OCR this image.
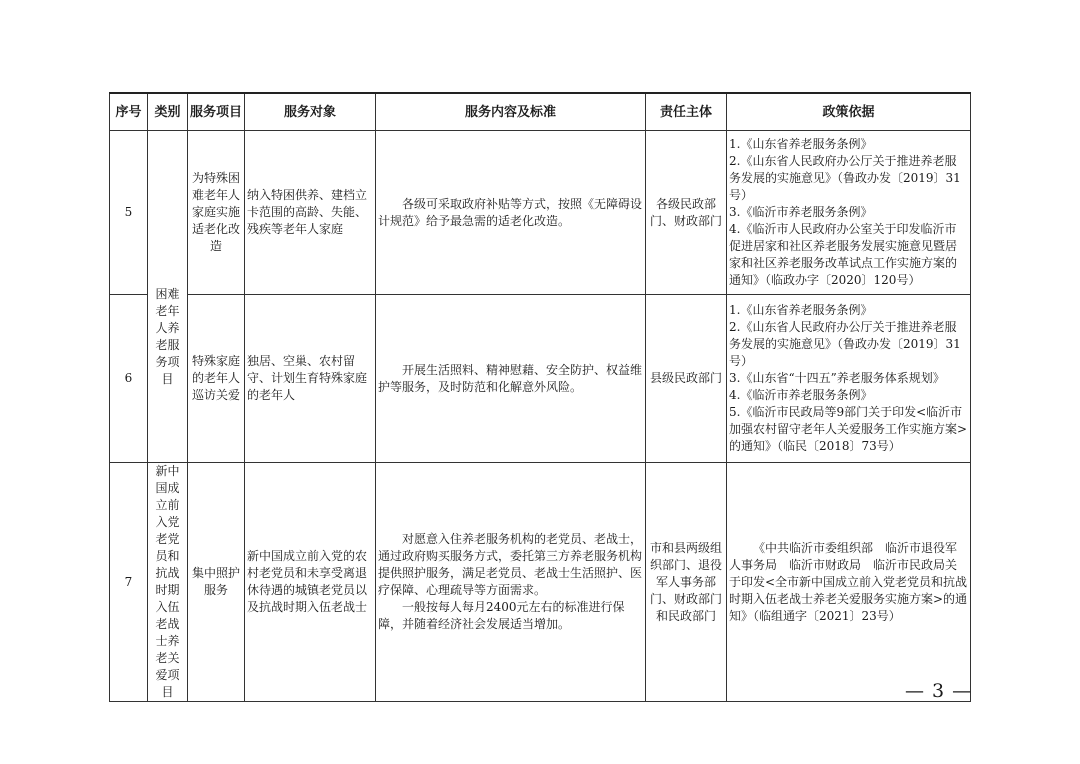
序号	类别	服务项目	服务对象	服务内容及标准	责任主体	政策依据
5	困难老年人养老服务项目	为特殊困难老年人家庭实施适老化改造	纳入特困供养、建档立卡范围的高龄、失能、残疾等老年人家庭	各级可采取政府补贴等方式，按照《无障碍设计规范》给予最急需的适老化改造。	各级民政部门、财政部门	1.《山东省养老服务条例》
2.《山东省人民政府办公厅关于推进养老服务发展的实施意见》（鲁政办发〔2019〕31号）
3.《临沂市养老服务条例》
4.《临沂市人民政府办公室关于印发临沂市促进居家和社区养老服务发展实施意见暨居家和社区养老服务改革试点工作实施方案的通知》（临政办字〔2020〕120号）

6		特殊家庭的老年人巡访关爱	独居、空巢、农村留守、计划生育特殊家庭的老年人	开展生活照料、精神慰藉、安全防护、权益维护等服务，及时防范和化解意外风险。	县级民政部门	1.《山东省养老服务条例》
2.《山东省人民政府办公厅关于推进养老服务发展的实施意见》（鲁政办发〔2019〕31号）
3.《山东省“十四五”养老服务体系规划》
4.《临沂市养老服务条例》
5.《临沂市民政局等9部门关于印发<临沂市加强农村留守老年人关爱服务工作实施方案>的通知》（临民〔2018〕73号）

7	新中国成立前入党老党员和抗战时期入伍老战士养老关爱项目	集中照护服务	新中国成立前入党的农村老党员和未享受离退休待遇的城镇老党员以及抗战时期入伍老战士	对愿意入住养老服务机构的老党员、老战士，通过政府购买服务方式，委托第三方养老服务机构提供照护服务，满足老党员、老战士生活照护、医疗保障、心理疏导等方面需求。
一般按每人每月2400元左右的标准进行保障，并随着经济社会发展适当增加。	市和县两级组织部门、退役军人事务部门、财政部门和民政部门	《中共临沂市委组织部　临沂市退役军人事务局　临沂市财政局　临沂市民政局关于印发<全市新中国成立前入党老党员和抗战时期入伍老战士养老关爱服务实施方案>的通知》（临组通字〔2021〕23号）
— 3 —
